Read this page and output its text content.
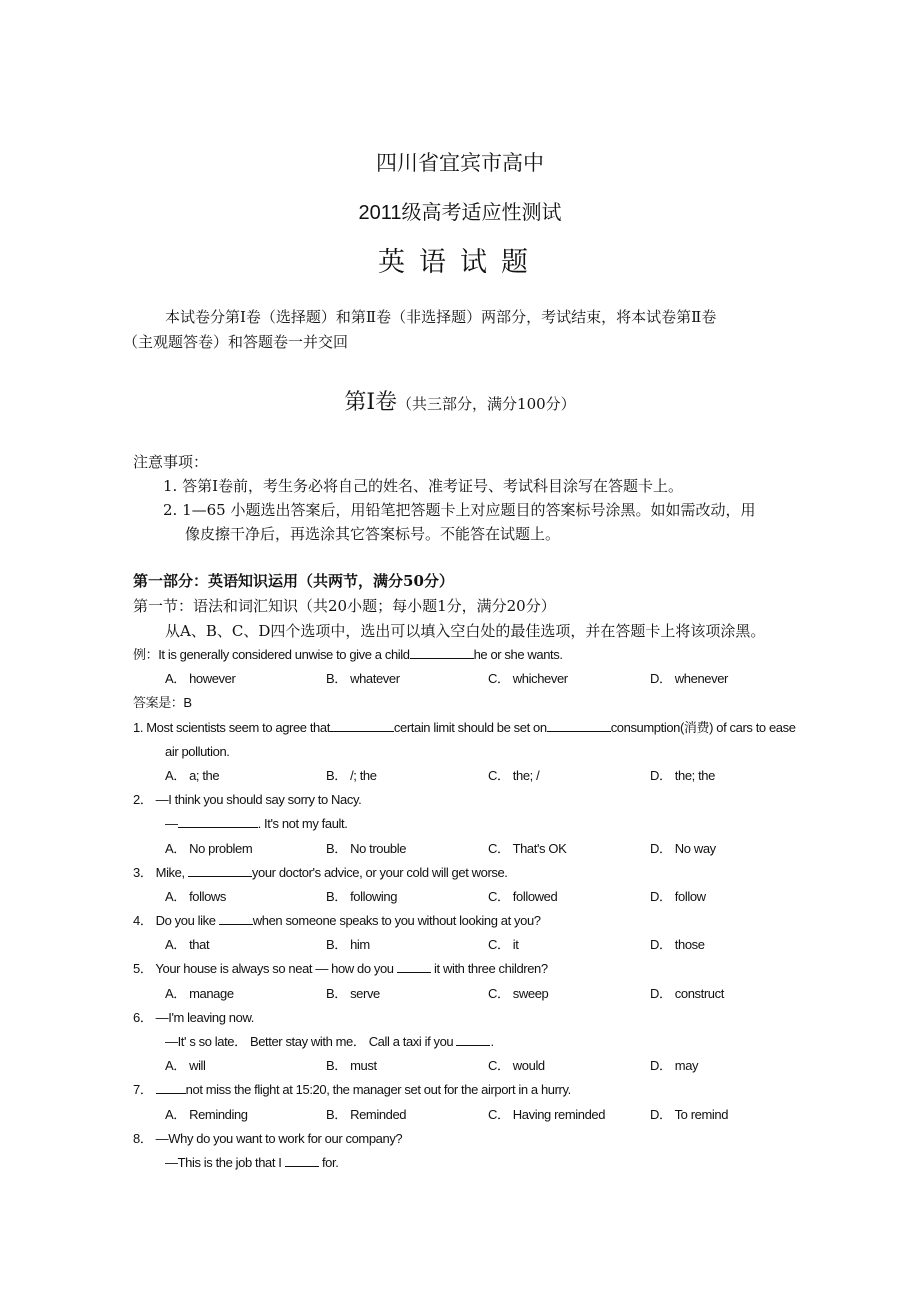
四川省宜宾市高中
2011级高考适应性测试
英语试题
本试卷分第Ⅰ卷（选择题）和第Ⅱ卷（非选择题）两部分，考试结束，将本试卷第Ⅱ卷
（主观题答卷）和答题卷一并交回
第Ⅰ卷（共三部分，满分100分）
注意事项：
1. 答第Ⅰ卷前，考生务必将自己的姓名、准考证号、考试科目涂写在答题卡上。
2. 1—65 小题选出答案后，用铅笔把答题卡上对应题目的答案标号涂黑。如如需改动，用
像皮擦干净后，再选涂其它答案标号。不能答在试题上。
第一部分：英语知识运用（共两节，满分50分）
第一节：语法和词汇知识（共20小题；每小题1分，满分20分）
从A、B、C、D四个选项中，选出可以填入空白处的最佳选项，并在答题卡上将该项涂黑。
例：It is generally considered unwise to give a child	he or she wants.
A． however	B． whatever	C． whichever	D． whenever
答案是：B
1. Most scientists seem to agree that	certain limit should be set on	consumption(消费) of cars to ease
air pollution.
A． a; the	B． /; the	C． the; /	D． the; the
2． —I think you should say sorry to Nacy.
—	. It's not my fault.
A． No problem	B． No trouble	C． That's OK	D． No way
3． Mike,	your doctor's advice, or your cold will get worse.
A． follows	B． following	C． followed	D． follow
4． Do you like	when someone speaks to you without looking at you?
A． that	B． him	C． it	D． those
5． Your house is always so neat — how do you	it with three children?
A． manage	B． serve	C． sweep	D． construct
6． —I'm leaving now.
—It' s so late． Better stay with me． Call a taxi if you	.
A． will	B． must	C． would	D． may
7． not miss the flight at 15:20, the manager set out for the airport in a hurry.
A． Reminding	B． Reminded	C． Having reminded	D． To remind
8． —Why do you want to work for our company?
—This is the job that I	for.
